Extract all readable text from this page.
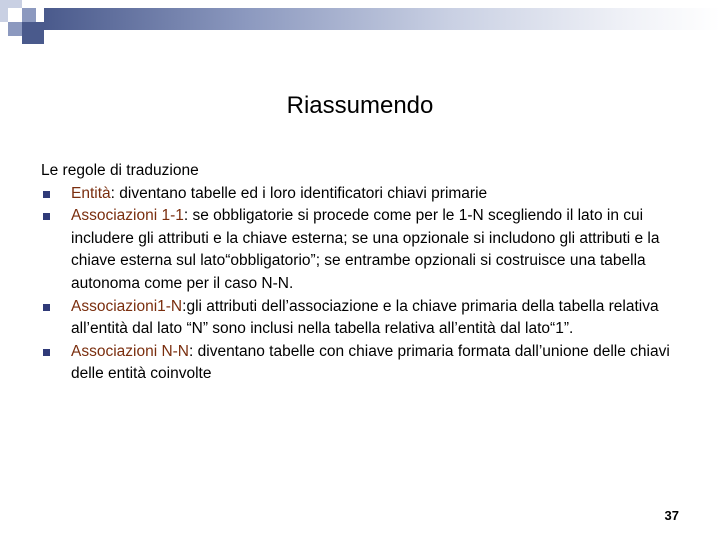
Riassumendo

Le regole di traduzione

Entità: diventano tabelle ed i loro identificatori chiavi primarie
Associazioni 1-1: se obbligatorie si procede come per le 1-N scegliendo il lato in cui includere gli attributi e la chiave esterna; se una opzionale si includono gli attributi e la chiave esterna sul lato“obbligatorio”; se entrambe opzionali si costruisce una tabella autonoma come per il caso N-N.
Associazioni1-N:gli attributi dell’associazione e la chiave primaria della tabella relativa all’entità dal lato “N” sono inclusi nella tabella relativa all’entità dal lato“1”.
Associazioni N-N: diventano tabelle con chiave primaria formata dall’unione delle chiavi delle entità coinvolte
37
